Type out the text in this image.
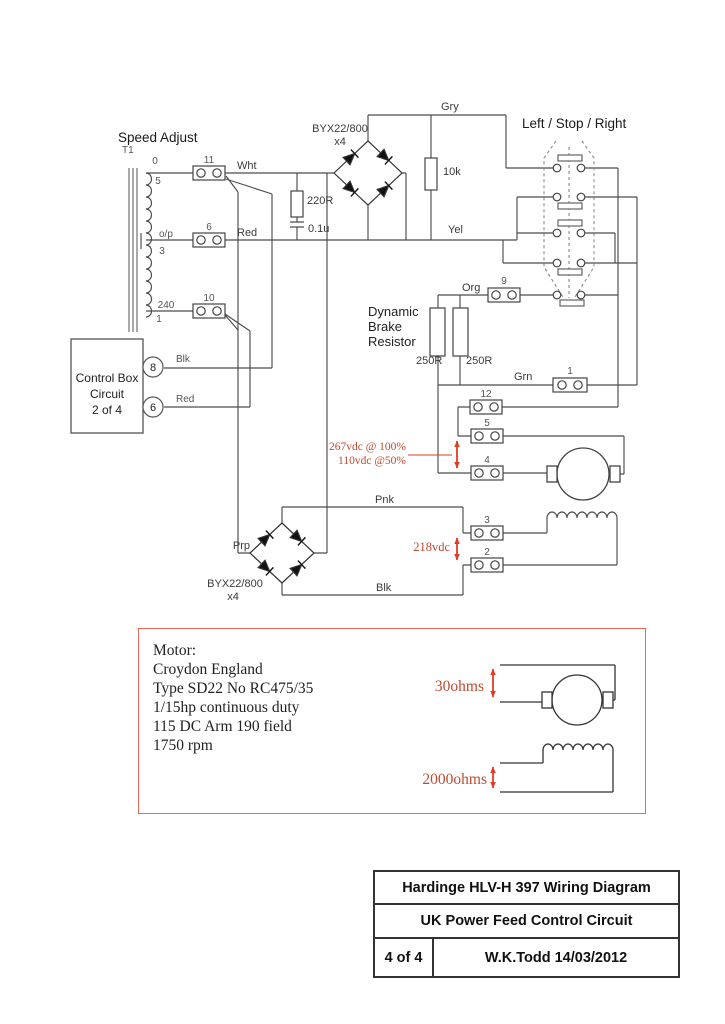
Control Box
Circuit
2 of 4
8
6
Blk
Red
267vdc @ 100%
110vdc @50%
218vdc
30ohms
2000ohms
Speed Adjust
Left / Stop / Right
T1
0
5
o/p
3
240
1
11
6
10
9
1
12
5
4
3
2
Wht
Red
Gry
Yel
Org
Grn
Pnk
Blk
Prp
BYX22/800
x4
BYX22/800
x4
220R
0.1u
10k
250R 250R
Dynamic
Brake
Resistor
Motor:
Croydon England
Type SD22 No RC475/35
1/15hp continuous duty
115 DC Arm 190 field
1750 rpm
Hardinge HLV-H 397 Wiring Diagram
UK Power Feed Control Circuit
4 of 4	W.K.Todd 14/03/2012
